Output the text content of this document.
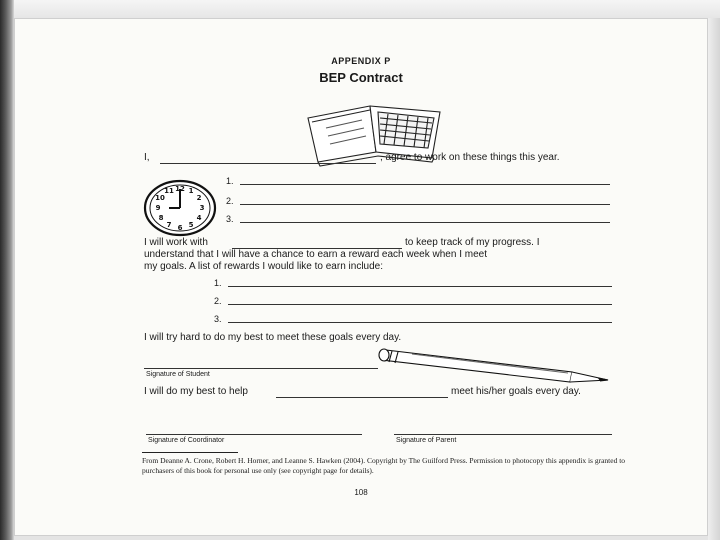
APPENDIX P
BEP Contract
I,	, agree to work on these things this year.
12 1
2
3
4
5
6
7
8
9
10
11
1.
2.
3.
I will work with	to keep track of my progress. I
understand that I will have a chance to earn a reward each week when I meet
my goals. A list of rewards I would like to earn include:
1.
2.
3.
I will try hard to do my best to meet these goals every day.
Signature of Student
I will do my best to help	meet his/her goals every day.
Signature of Coordinator	Signature of Parent
From Deanne A. Crone, Robert H. Horner, and Leanne S. Hawken (2004). Copyright by The Guilford Press. Permission to photocopy this appendix is granted to purchasers of this book for personal use only (see copyright page for details).
108
